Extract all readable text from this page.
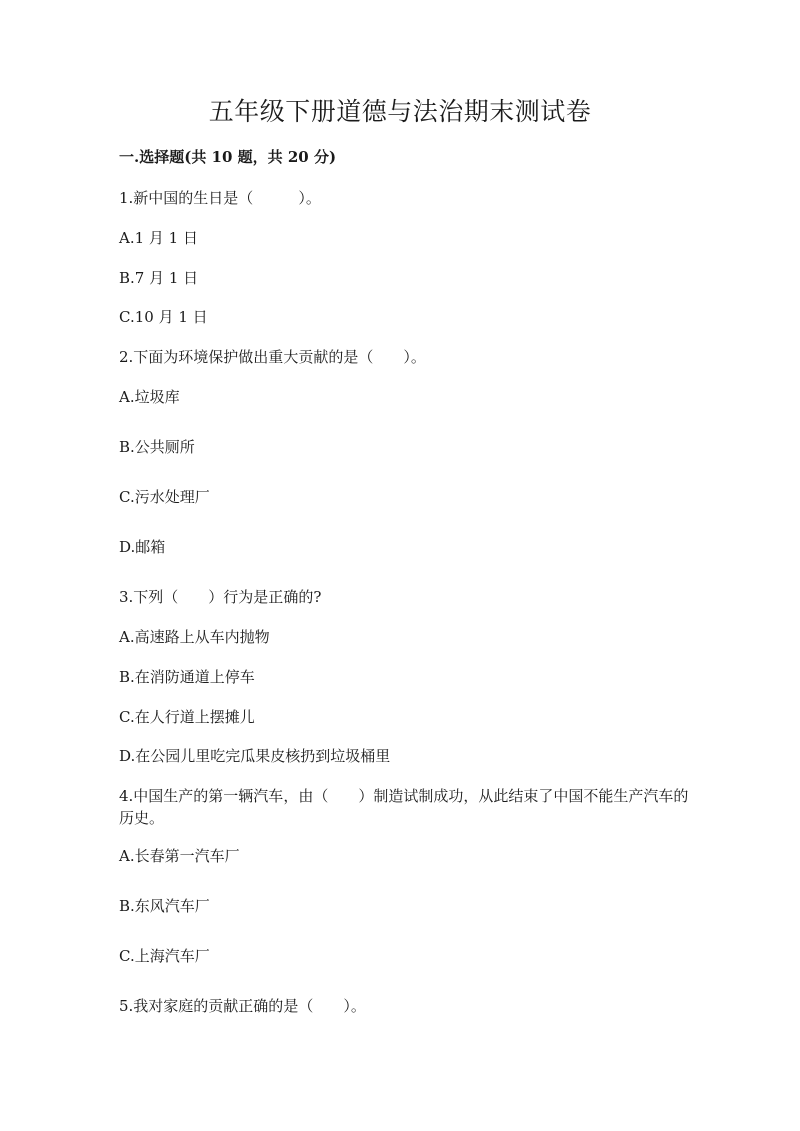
五年级下册道德与法治期末测试卷
一.选择题(共 10 题，共 20 分)
1.新中国的生日是（　　　）。
A.1 月 1 日
B.7 月 1 日
C.10 月 1 日
2.下面为环境保护做出重大贡献的是（　　）。
A.垃圾库
B.公共厕所
C.污水处理厂
D.邮箱
3.下列（　　）行为是正确的?
A.高速路上从车内抛物
B.在消防通道上停车
C.在人行道上摆摊儿
D.在公园儿里吃完瓜果皮核扔到垃圾桶里
4.中国生产的第一辆汽车，由（　　）制造试制成功，从此结束了中国不能生产汽车的历史。
A.长春第一汽车厂
B.东风汽车厂
C.上海汽车厂
5.我对家庭的贡献正确的是（　　）。
